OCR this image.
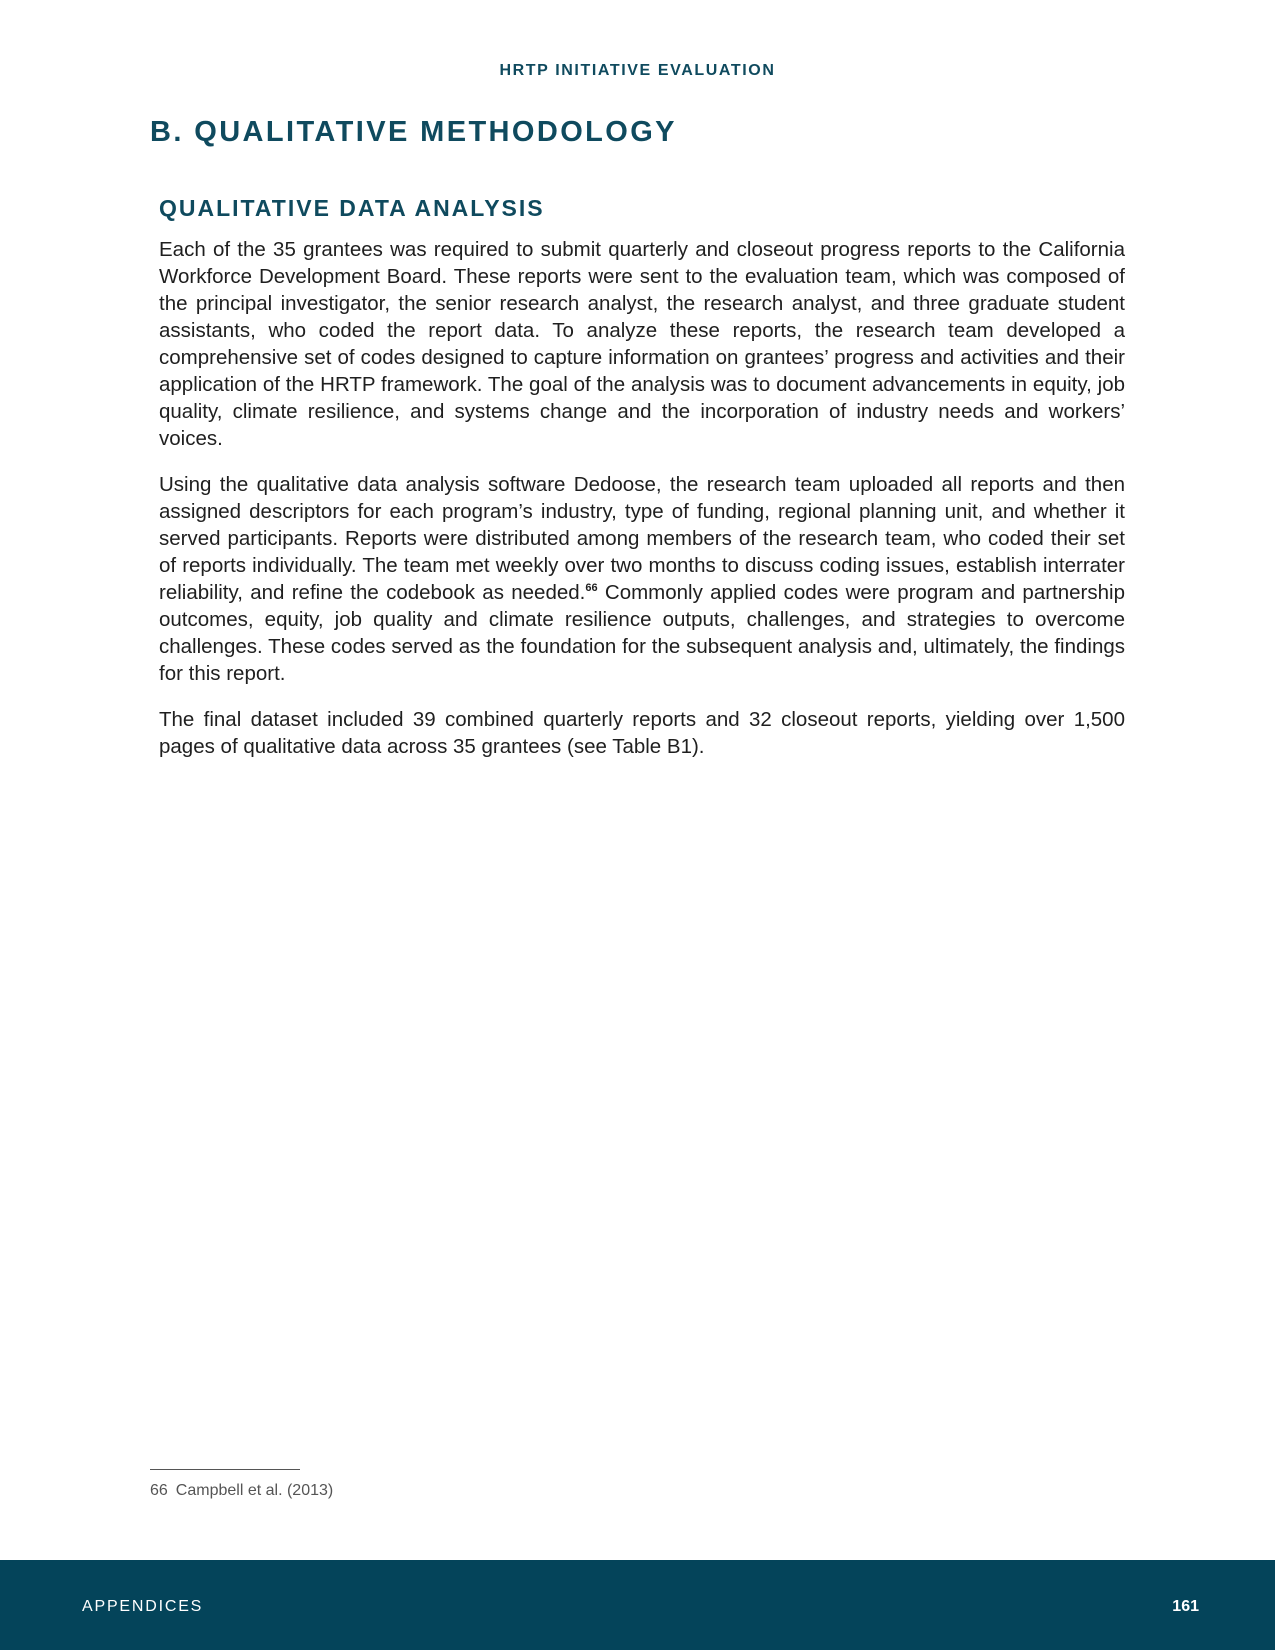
HRTP INITIATIVE EVALUATION
B. QUALITATIVE METHODOLOGY
QUALITATIVE DATA ANALYSIS

Each of the 35 grantees was required to submit quarterly and closeout progress reports to the California Workforce Development Board. These reports were sent to the evaluation team, which was composed of the principal investigator, the senior research analyst, the research analyst, and three graduate student assistants, who coded the report data. To analyze these reports, the research team developed a comprehensive set of codes designed to capture information on grantees’ progress and activities and their application of the HRTP framework. The goal of the analysis was to document advancements in equity, job quality, climate resilience, and systems change and the incorporation of industry needs and workers’ voices.

Using the qualitative data analysis software Dedoose, the research team uploaded all reports and then assigned descriptors for each program’s industry, type of funding, regional planning unit, and whether it served participants. Reports were distributed among members of the research team, who coded their set of reports individually. The team met weekly over two months to discuss coding issues, establish interrater reliability, and refine the codebook as needed.$^{66}$ Commonly applied codes were program and partnership outcomes, equity, job quality and climate resilience outputs, challenges, and strategies to overcome challenges. These codes served as the foundation for the subsequent analysis and, ultimately, the findings for this report.

The final dataset included 39 combined quarterly reports and 32 closeout reports, yielding over 1,500 pages of qualitative data across 35 grantees (see Table B1).

66 Campbell et al. (2013)
APPENDICES	161
